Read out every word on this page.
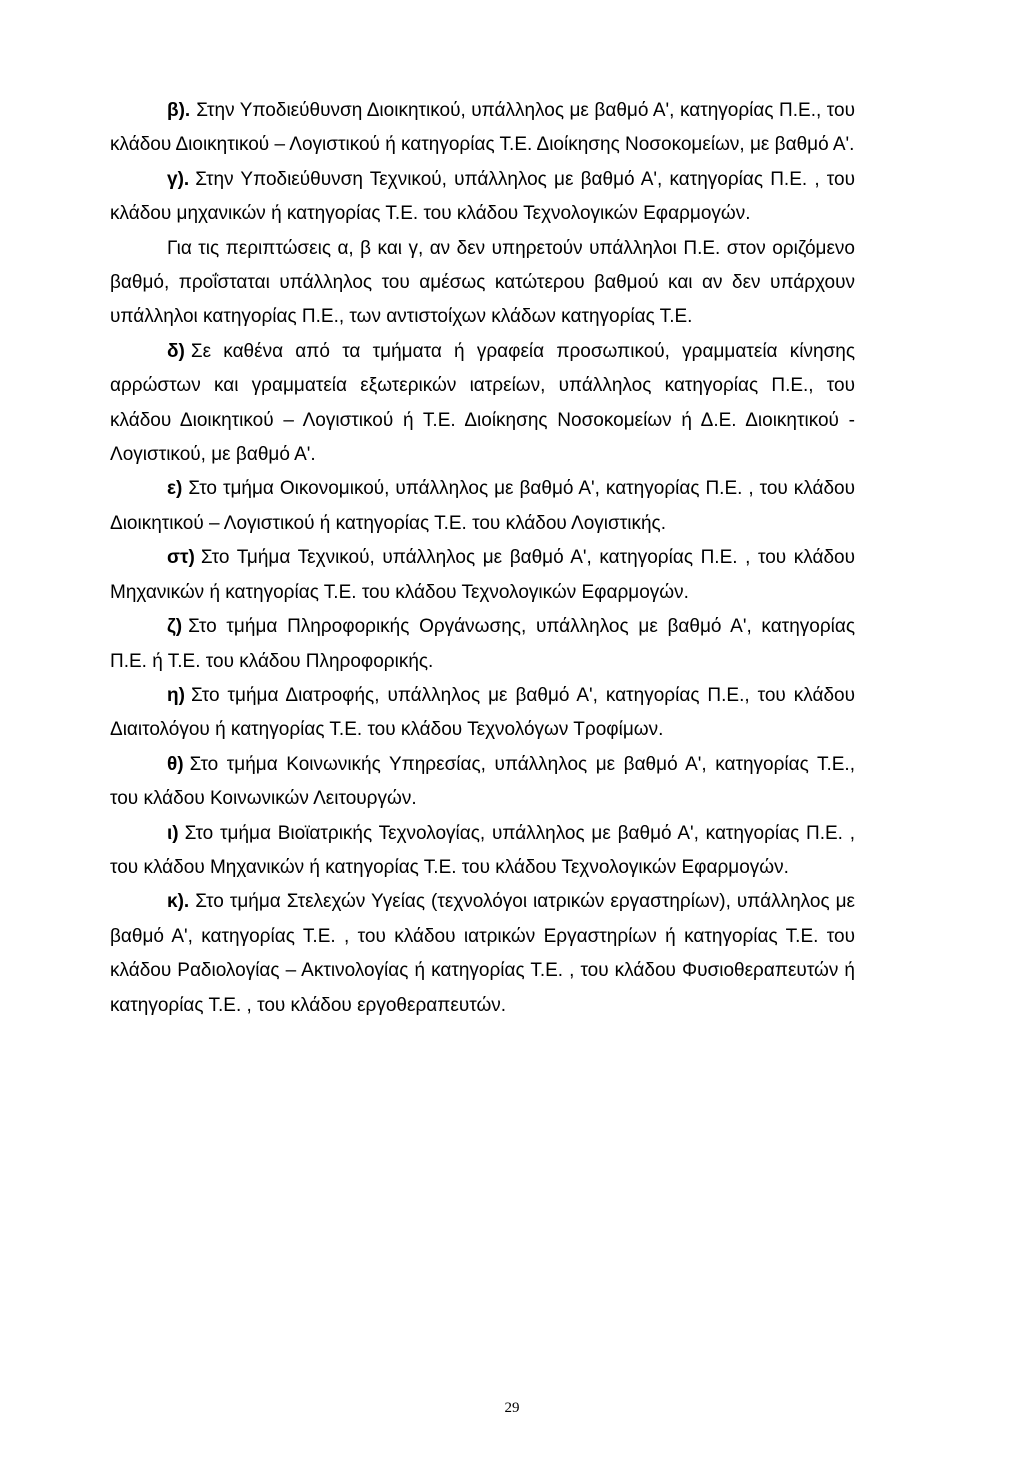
β). Στην Υποδιεύθυνση Διοικητικού, υπάλληλος με βαθμό Α', κατηγορίας Π.Ε., του κλάδου Διοικητικού – Λογιστικού ή κατηγορίας Τ.Ε. Διοίκησης Νοσοκομείων, με βαθμό Α'.

γ). Στην Υποδιεύθυνση Τεχνικού, υπάλληλος με βαθμό Α', κατηγορίας Π.Ε. , του κλάδου μηχανικών ή κατηγορίας Τ.Ε. του κλάδου Τεχνολογικών Εφαρμογών.

Για τις περιπτώσεις α, β και γ, αν δεν υπηρετούν υπάλληλοι Π.Ε. στον οριζόμενο βαθμό, προΐσταται υπάλληλος του αμέσως κατώτερου βαθμού και αν δεν υπάρχουν υπάλληλοι κατηγορίας Π.Ε., των αντιστοίχων κλάδων κατηγορίας Τ.Ε.

δ) Σε καθένα από τα τμήματα ή γραφεία προσωπικού, γραμματεία κίνησης αρρώστων και γραμματεία εξωτερικών ιατρείων, υπάλληλος κατηγορίας Π.Ε., του κλάδου Διοικητικού – Λογιστικού ή Τ.Ε. Διοίκησης Νοσοκομείων ή Δ.Ε. Διοικητικού - Λογιστικού, με βαθμό Α'.

ε) Στο τμήμα Οικονομικού, υπάλληλος με βαθμό Α', κατηγορίας Π.Ε. , του κλάδου Διοικητικού – Λογιστικού ή κατηγορίας Τ.Ε. του κλάδου Λογιστικής.

στ) Στο Τμήμα Τεχνικού, υπάλληλος με βαθμό Α', κατηγορίας Π.Ε. , του κλάδου Μηχανικών ή κατηγορίας Τ.Ε. του κλάδου Τεχνολογικών Εφαρμογών.

ζ) Στο τμήμα Πληροφορικής Οργάνωσης, υπάλληλος με βαθμό Α', κατηγορίας Π.Ε. ή Τ.Ε. του κλάδου Πληροφορικής.

η) Στο τμήμα Διατροφής, υπάλληλος με βαθμό Α', κατηγορίας Π.Ε., του κλάδου Διαιτολόγου ή κατηγορίας Τ.Ε. του κλάδου Τεχνολόγων Τροφίμων.

θ) Στο τμήμα Κοινωνικής Υπηρεσίας, υπάλληλος με βαθμό Α', κατηγορίας Τ.Ε., του κλάδου Κοινωνικών Λειτουργών.

ι) Στο τμήμα Βιοϊατρικής Τεχνολογίας, υπάλληλος με βαθμό Α', κατηγορίας Π.Ε. , του κλάδου Μηχανικών ή κατηγορίας Τ.Ε. του κλάδου Τεχνολογικών Εφαρμογών.

κ). Στο τμήμα Στελεχών Υγείας (τεχνολόγοι ιατρικών εργαστηρίων), υπάλληλος με βαθμό Α', κατηγορίας Τ.Ε. , του κλάδου ιατρικών Εργαστηρίων ή κατηγορίας Τ.Ε. του κλάδου Ραδιολογίας – Ακτινολογίας ή κατηγορίας Τ.Ε. , του κλάδου Φυσιοθεραπευτών ή κατηγορίας Τ.Ε. , του κλάδου εργοθεραπευτών.

29
